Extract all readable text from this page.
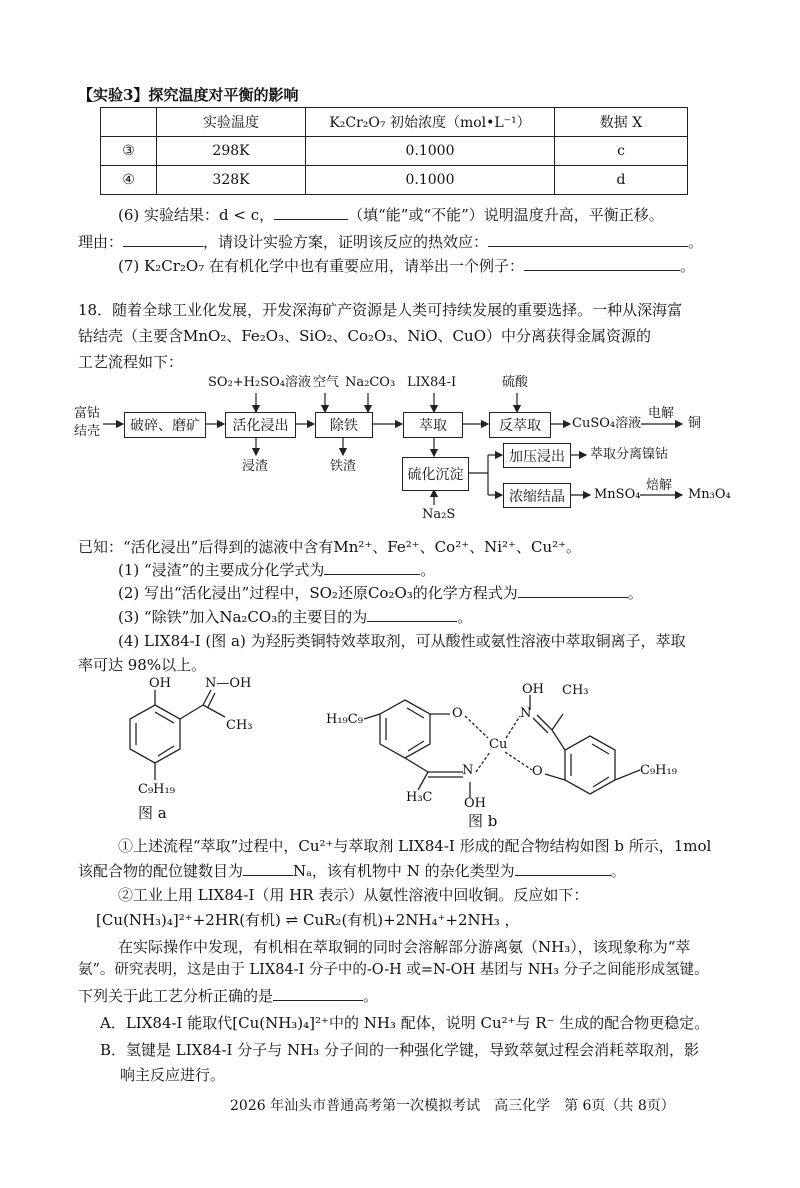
【实验3】探究温度对平衡的影响
	实验温度	K₂Cr₂O₇ 初始浓度（mol•L⁻¹）	数据 X
③	298K	0.1000	c
④	328K	0.1000	d
(6) 实验结果：d < c，	（填“能”或“不能”）说明温度升高，平衡正移。
理由：	，请设计实验方案，证明该反应的热效应：	。
(7) K₂Cr₂O₇ 在有机化学中也有重要应用，请举出一个例子：	。
18．随着全球工业化发展，开发深海矿产资源是人类可持续发展的重要选择。一种从深海富
钴结壳（主要含MnO₂、Fe₂O₃、SiO₂、Co₂O₃、NiO、CuO）中分离获得金属资源的
工艺流程如下：
富钴
结壳	破碎、磨矿	活化浸出	除铁	萃取	反萃取
硫化沉淀
加压浸出
浓缩结晶
SO₂+H₂SO₄溶液 空气 Na₂CO₃ LIX84-I	硫酸
Na₂S
浸渣	铁渣
CuSO₄溶液
电解
铜
萃取分离镍钴
MnSO₄
焙解
Mn₃O₄
已知：“活化浸出”后得到的滤液中含有Mn²⁺、Fe²⁺、Co²⁺、Ni²⁺、Cu²⁺。
(1) “浸渣”的主要成分化学式为	。
(2) 写出“活化浸出”过程中，SO₂还原Co₂O₃的化学方程式为	。
(3) “除铁”加入Na₂CO₃的主要目的为	。
(4) LIX84-I (图 a) 为羟肟类铜特效萃取剂，可从酸性或氨性溶液中萃取铜离子，萃取
率可达 98%以上。
OH	N—OH
CH₃
C₉H₁₉
图 a
H₁₉C₉	O
N
OH
H₃C
Cu
N
OH CH₃
O	C₉H₁₉
图 b
①上述流程“萃取”过程中，Cu²⁺与萃取剂 LIX84-I 形成的配合物结构如图 b 所示，1mol
该配合物的配位键数目为	Nₐ，该有机物中 N 的杂化类型为	。
②工业上用 LIX84-I（用 HR 表示）从氨性溶液中回收铜。反应如下：
[Cu(NH₃)₄]²⁺+2HR(有机) ⇌ CuR₂(有机)+2NH₄⁺+2NH₃ ，
在实际操作中发现，有机相在萃取铜的同时会溶解部分游离氨（NH₃），该现象称为“萃
氨”。研究表明，这是由于 LIX84-I 分子中的-O-H 或=N-OH 基团与 NH₃ 分子之间能形成氢键。
下列关于此工艺分析正确的是	。
A．LIX84-I 能取代[Cu(NH₃)₄]²⁺中的 NH₃ 配体，说明 Cu²⁺与 R⁻ 生成的配合物更稳定。
B．氢键是 LIX84-I 分子与 NH₃ 分子间的一种强化学键，导致萃氨过程会消耗萃取剂，影
响主反应进行。
2026 年汕头市普通高考第一次模拟考试　高三化学　第 6页（共 8页）
